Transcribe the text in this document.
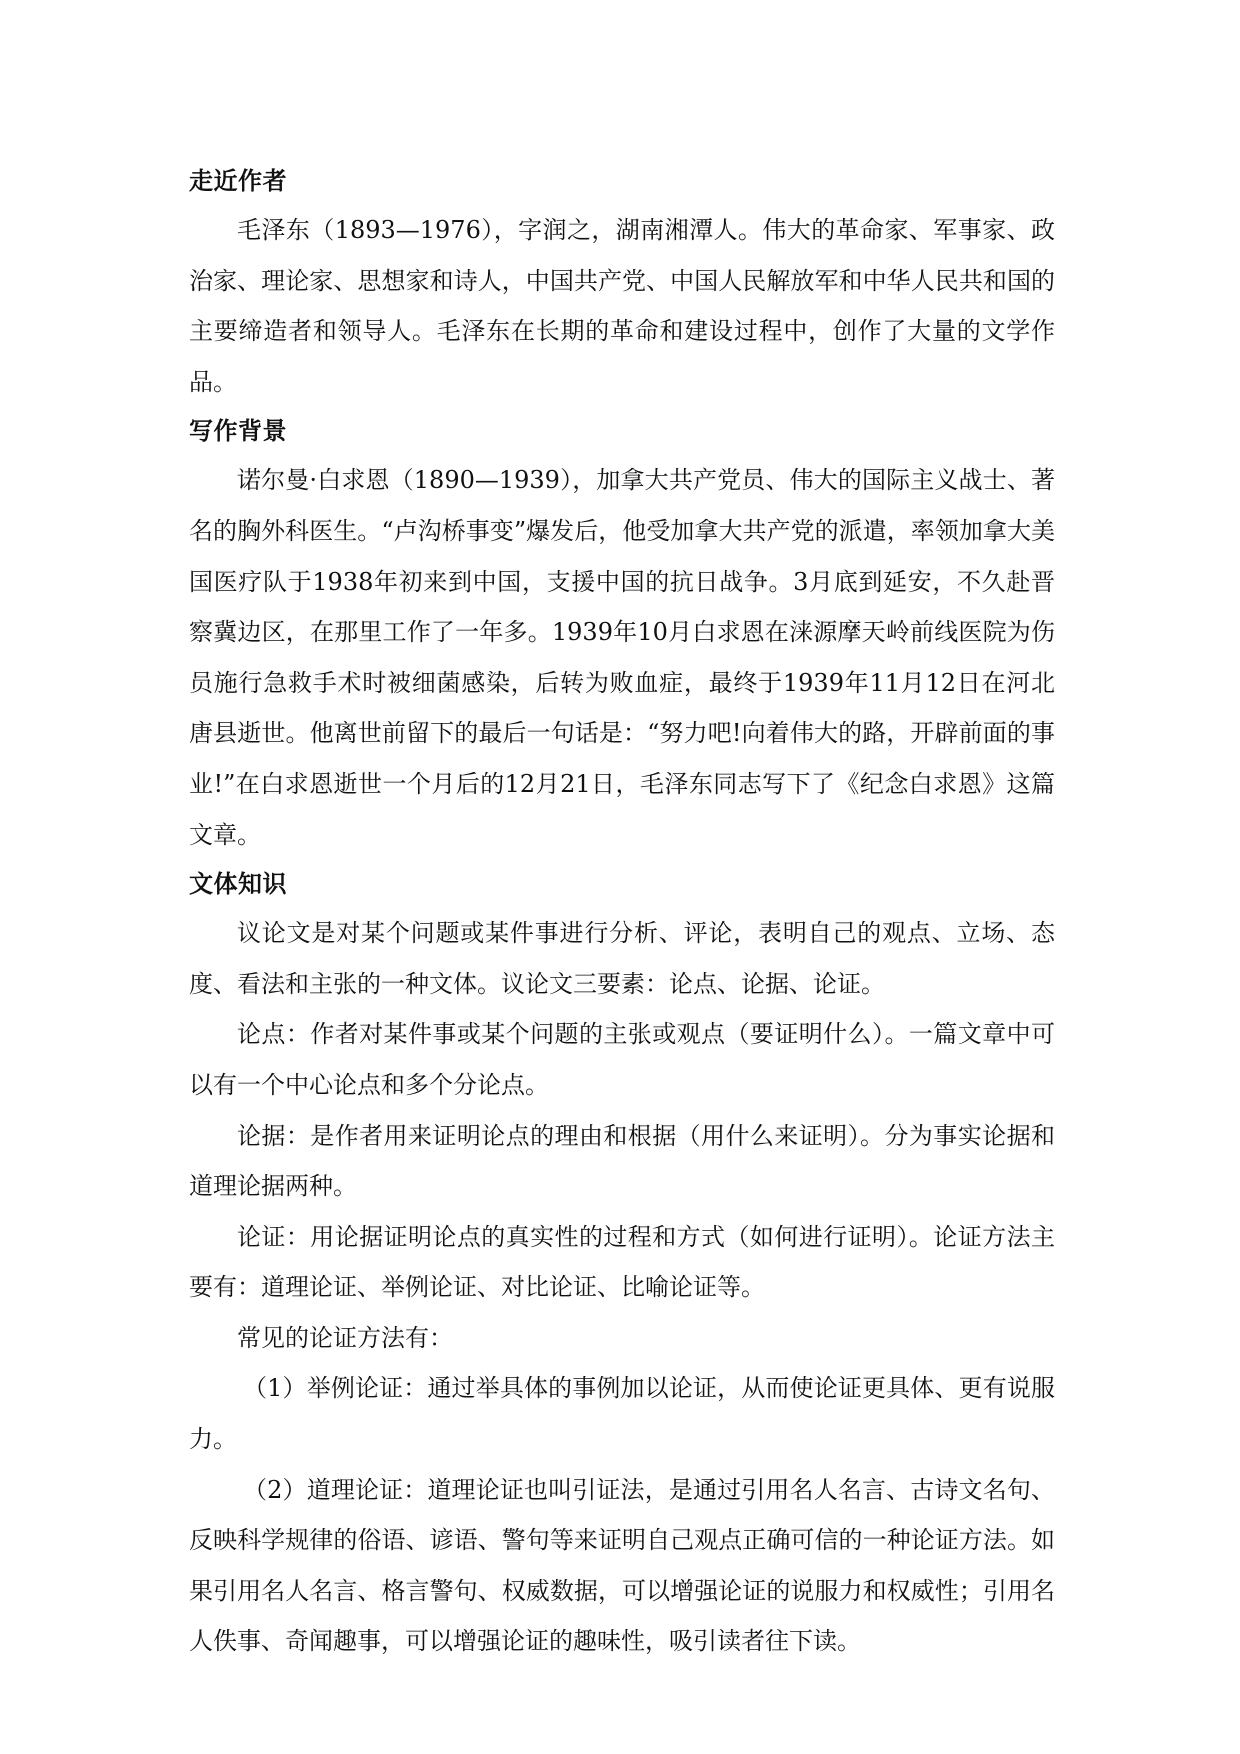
走近作者

毛泽东（1893—1976），字润之，湖南湘潭人。伟大的革命家、军事家、政治家、理论家、思想家和诗人，中国共产党、中国人民解放军和中华人民共和国的主要缔造者和领导人。毛泽东在长期的革命和建设过程中，创作了大量的文学作品。

写作背景

诺尔曼·白求恩（1890—1939），加拿大共产党员、伟大的国际主义战士、著名的胸外科医生。“卢沟桥事变”爆发后，他受加拿大共产党的派遣，率领加拿大美国医疗队于1938年初来到中国，支援中国的抗日战争。3月底到延安，不久赴晋察冀边区，在那里工作了一年多。1939年10月白求恩在涞源摩天岭前线医院为伤员施行急救手术时被细菌感染，后转为败血症，最终于1939年11月12日在河北唐县逝世。他离世前留下的最后一句话是：“努力吧!向着伟大的路，开辟前面的事业!”在白求恩逝世一个月后的12月21日，毛泽东同志写下了《纪念白求恩》这篇文章。

文体知识

议论文是对某个问题或某件事进行分析、评论，表明自己的观点、立场、态度、看法和主张的一种文体。议论文三要素：论点、论据、论证。

论点：作者对某件事或某个问题的主张或观点（要证明什么）。一篇文章中可以有一个中心论点和多个分论点。

论据：是作者用来证明论点的理由和根据（用什么来证明）。分为事实论据和道理论据两种。

论证：用论据证明论点的真实性的过程和方式（如何进行证明）。论证方法主要有：道理论证、举例论证、对比论证、比喻论证等。

常见的论证方法有：

（1）举例论证：通过举具体的事例加以论证，从而使论证更具体、更有说服力。

（2）道理论证：道理论证也叫引证法，是通过引用名人名言、古诗文名句、反映科学规律的俗语、谚语、警句等来证明自己观点正确可信的一种论证方法。如果引用名人名言、格言警句、权威数据，可以增强论证的说服力和权威性；引用名人佚事、奇闻趣事，可以增强论证的趣味性，吸引读者往下读。
